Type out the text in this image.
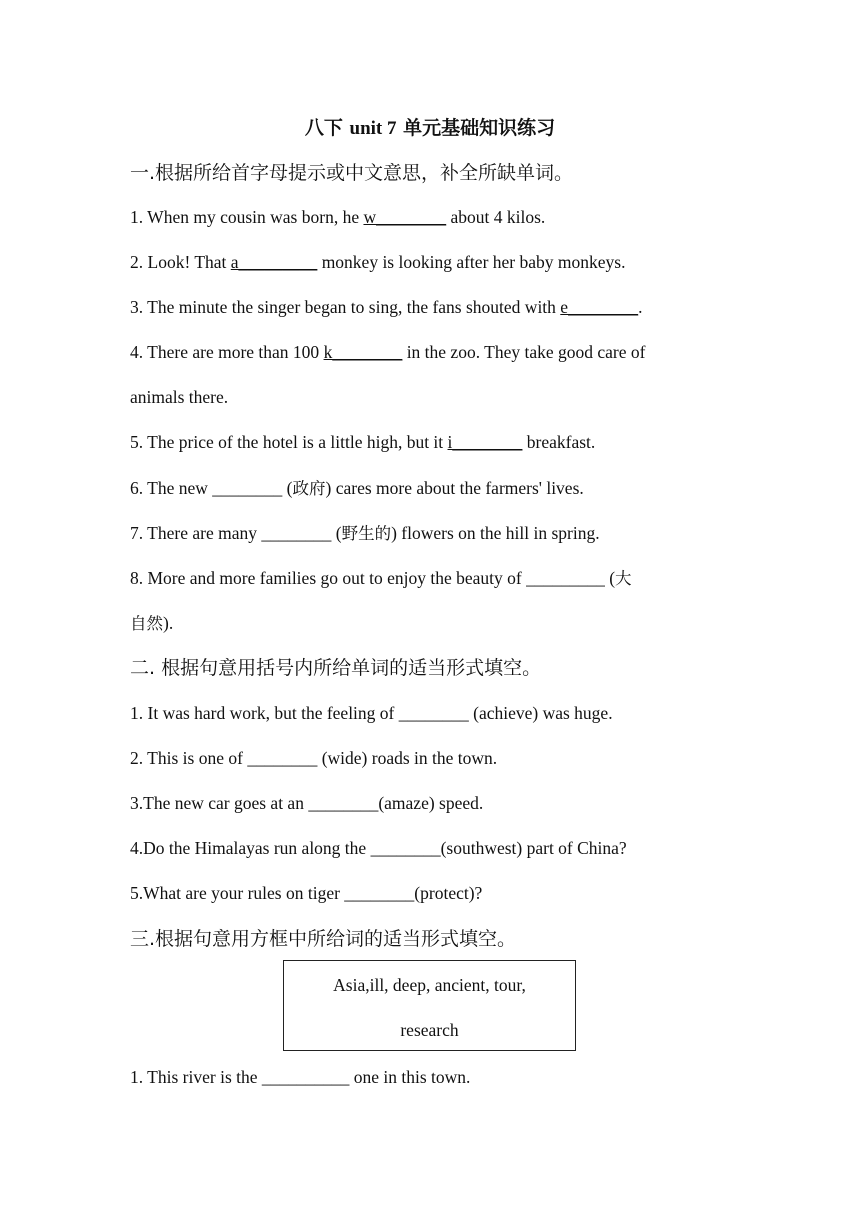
八下 unit 7 单元基础知识练习
一.根据所给首字母提示或中文意思，补全所缺单词。
1. When my cousin was born, he w________ about 4 kilos.
2. Look! That a_________ monkey is looking after her baby monkeys.
3. The minute the singer began to sing, the fans shouted with e________.
4. There are more than 100 k________ in the zoo. They take good care of
animals there.
5. The price of the hotel is a little high, but it i________ breakfast.
6. The new ________ (政府) cares more about the farmers' lives.
7. There are many ________ (野生的) flowers on the hill in spring.
8. More and more families go out to enjoy the beauty of _________ (大
自然).
二. 根据句意用括号内所给单词的适当形式填空。
1. It was hard work, but the feeling of ________ (achieve) was huge.
2. This is one of ________ (wide) roads in the town.
3.The new car goes at an ________(amaze) speed.
4.Do the Himalayas run along the ________(southwest) part of China?
5.What are your rules on tiger ________(protect)?
三.根据句意用方框中所给词的适当形式填空。
Asia,ill, deep, ancient, tour,
research
1. This river is the __________ one in this town.
